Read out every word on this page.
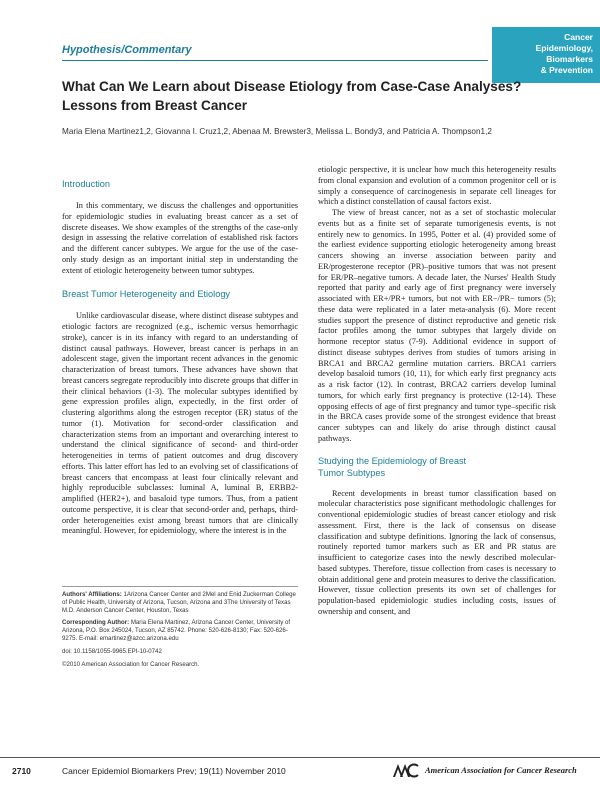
Hypothesis/Commentary
Cancer
Epidemiology,
Biomarkers
& Prevention
What Can We Learn about Disease Etiology from Case-Case Analyses? Lessons from Breast Cancer
Maria Elena Martinez1,2, Giovanna I. Cruz1,2, Abenaa M. Brewster3, Melissa L. Bondy3, and Patricia A. Thompson1,2
Introduction
In this commentary, we discuss the challenges and opportunities for epidemiologic studies in evaluating breast cancer as a set of discrete diseases. We show examples of the strengths of the case-only design in assessing the relative correlation of established risk factors and the different cancer subtypes. We argue for the use of the case-only study design as an important initial step in understanding the extent of etiologic heterogeneity between tumor subtypes.
Breast Tumor Heterogeneity and Etiology
Unlike cardiovascular disease, where distinct disease subtypes and etiologic factors are recognized (e.g., ischemic versus hemorrhagic stroke), cancer is in its infancy with regard to an understanding of distinct causal pathways. However, breast cancer is perhaps in an adolescent stage, given the important recent advances in the genomic characterization of breast tumors. These advances have shown that breast cancers segregate reproducibly into discrete groups that differ in their clinical behaviors (1-3). The molecular subtypes identified by gene expression profiles align, expectedly, in the first order of clustering algorithms along the estrogen receptor (ER) status of the tumor (1). Motivation for second-order classification and characterization stems from an important and overarching interest to understand the clinical significance of second- and third-order heterogeneities in terms of patient outcomes and drug discovery efforts. This latter effort has led to an evolving set of classifications of breast cancers that encompass at least four clinically relevant and highly reproducible subclasses: luminal A, luminal B, ERBB2-amplified (HER2+), and basaloid type tumors. Thus, from a patient outcome perspective, it is clear that second-order and, perhaps, third-order heterogeneities exist among breast tumors that are clinically meaningful. However, for epidemiology, where the interest is in the
Authors' Affiliations: 1Arizona Cancer Center and 2Mel and Enid Zuckerman College of Public Health, University of Arizona, Tucson, Arizona and 3The University of Texas M.D. Anderson Cancer Center, Houston, Texas
Corresponding Author: Maria Elena Martinez, Arizona Cancer Center, University of Arizona, P.O. Box 245024, Tucson, AZ 85742. Phone: 520-626-8130; Fax: 520-626-9275. E-mail: emartinez@azcc.arizona.edu
doi: 10.1158/1055-9965.EPI-10-0742
©2010 American Association for Cancer Research.
etiologic perspective, it is unclear how much this heterogeneity results from clonal expansion and evolution of a common progenitor cell or is simply a consequence of carcinogenesis in separate cell lineages for which a distinct constellation of causal factors exist.
The view of breast cancer, not as a set of stochastic molecular events but as a finite set of separate tumorigenesis events, is not entirely new to genomics. In 1995, Potter et al. (4) provided some of the earliest evidence supporting etiologic heterogeneity among breast cancers showing an inverse association between parity and ER/progesterone receptor (PR)–positive tumors that was not present for ER/PR–negative tumors. A decade later, the Nurses' Health Study reported that parity and early age of first pregnancy were inversely associated with ER+/PR+ tumors, but not with ER−/PR− tumors (5); these data were replicated in a later meta-analysis (6). More recent studies support the presence of distinct reproductive and genetic risk factor profiles among the tumor subtypes that largely divide on hormone receptor status (7-9). Additional evidence in support of distinct disease subtypes derives from studies of tumors arising in BRCA1 and BRCA2 germline mutation carriers. BRCA1 carriers develop basaloid tumors (10, 11), for which early first pregnancy acts as a risk factor (12). In contrast, BRCA2 carriers develop luminal tumors, for which early first pregnancy is protective (12-14). These opposing effects of age of first pregnancy and tumor type–specific risk in the BRCA cases provide some of the strongest evidence that breast cancer subtypes can and likely do arise through distinct causal pathways.
Studying the Epidemiology of Breast
Tumor Subtypes
Recent developments in breast tumor classification based on molecular characteristics pose significant methodologic challenges for conventional epidemiologic studies of breast cancer etiology and risk assessment. First, there is the lack of consensus on disease classification and subtype definitions. Ignoring the lack of consensus, routinely reported tumor markers such as ER and PR status are insufficient to categorize cases into the newly described molecular-based subtypes. Therefore, tissue collection from cases is necessary to obtain additional gene and protein measures to derive the classification. However, tissue collection presents its own set of challenges for population-based epidemiologic studies including costs, issues of ownership and consent, and
2710	Cancer Epidemiol Biomarkers Prev; 19(11) November 2010	American Association for Cancer Research
